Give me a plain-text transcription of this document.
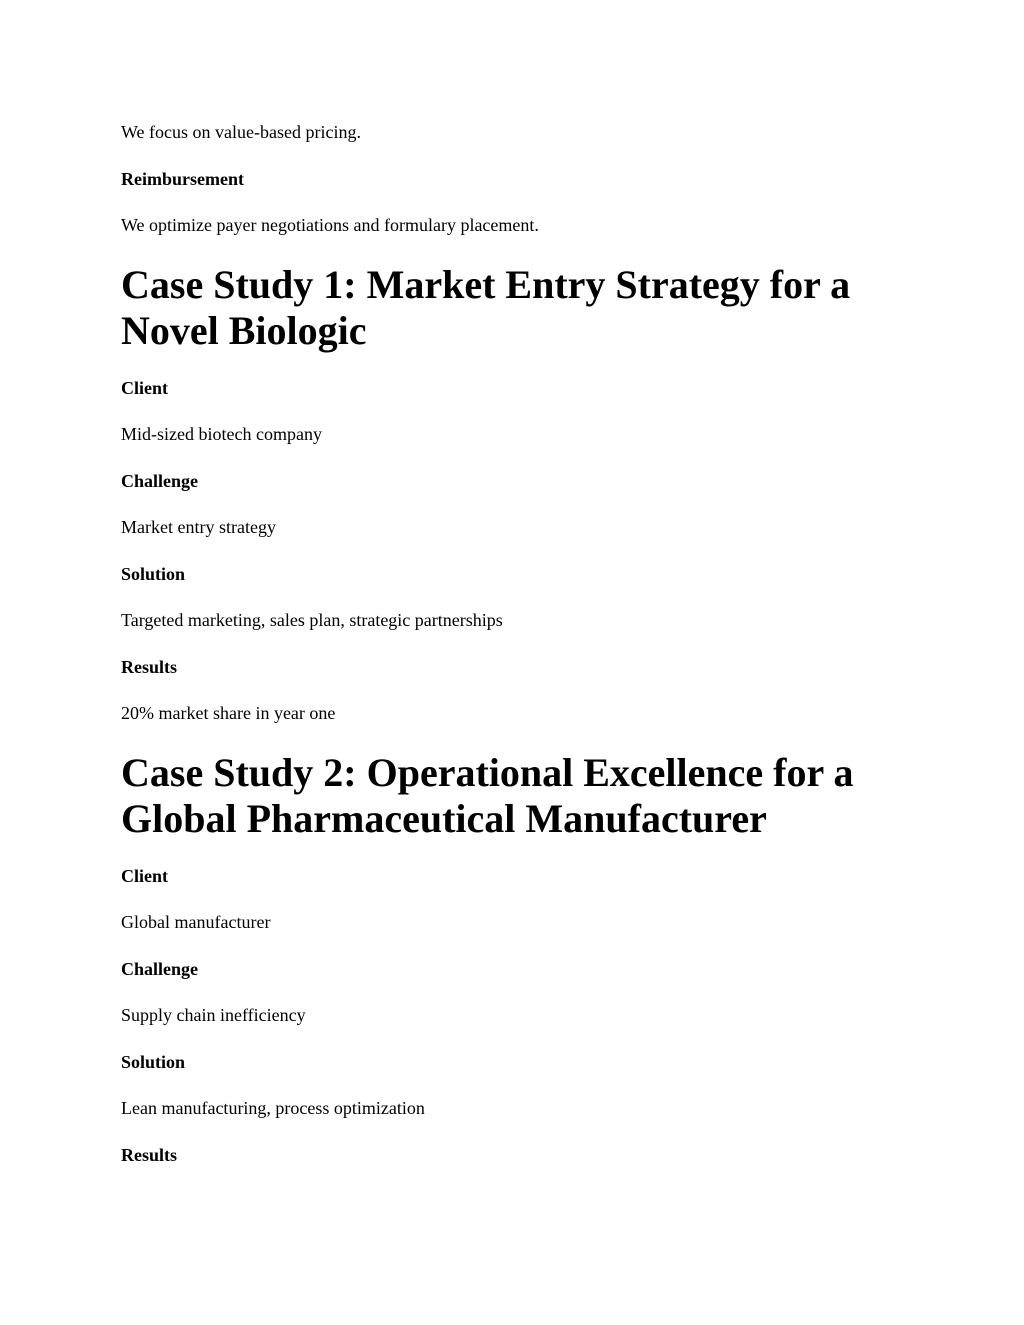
We focus on value-based pricing.

Reimbursement

We optimize payer negotiations and formulary placement.

Case Study 1: Market Entry Strategy for a Novel Biologic

Client

Mid-sized biotech company

Challenge

Market entry strategy

Solution

Targeted marketing, sales plan, strategic partnerships

Results

20% market share in year one

Case Study 2: Operational Excellence for a Global Pharmaceutical Manufacturer

Client

Global manufacturer

Challenge

Supply chain inefficiency

Solution

Lean manufacturing, process optimization

Results
